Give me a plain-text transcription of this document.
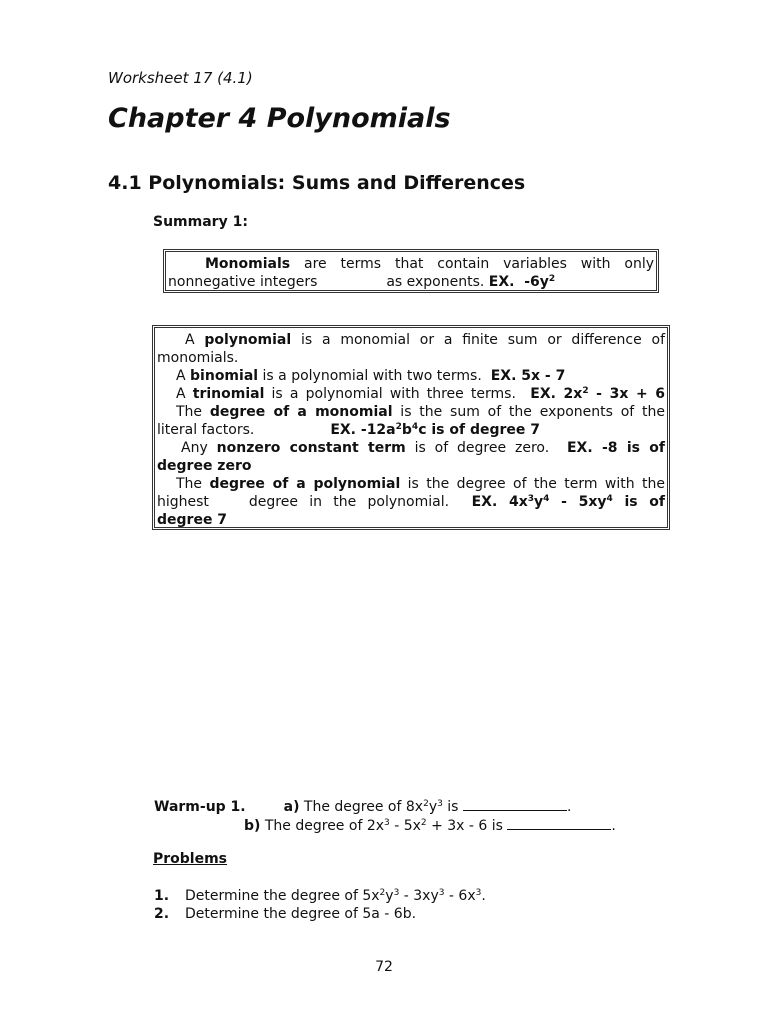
Worksheet 17 (4.1)
Chapter 4 Polynomials
4.1 Polynomials: Sums and Differences
Summary 1:
Monomials are terms that contain variables with only
nonnegative integers	as exponents. EX. $-6y^2$
A polynomial is a monomial or a finite sum or difference of
monomials.
A binomial is a polynomial with two terms. EX. 5x - 7
A trinomial is a polynomial with three terms. EX. $2x^2 - 3x + 6$
The degree of a monomial is the sum of the exponents of the
literal factors.	EX. $-12a^2b^4c$ is of degree 7
Any nonzero constant term is of degree zero. EX. -8 is of
degree zero
The degree of a polynomial is the degree of the term with the
highest	degree in the polynomial. EX. $4x^3y^4 - 5xy^4$ is of
degree 7
Warm-up 1.	a) The degree of $8x^2y^3$ is	.
b) The degree of $2x^3 - 5x^2 + 3x - 6$ is	.
Problems
1. Determine the degree of $5x^2y^3 - 3xy^3 - 6x^3$.
2. Determine the degree of 5a - 6b.
72
